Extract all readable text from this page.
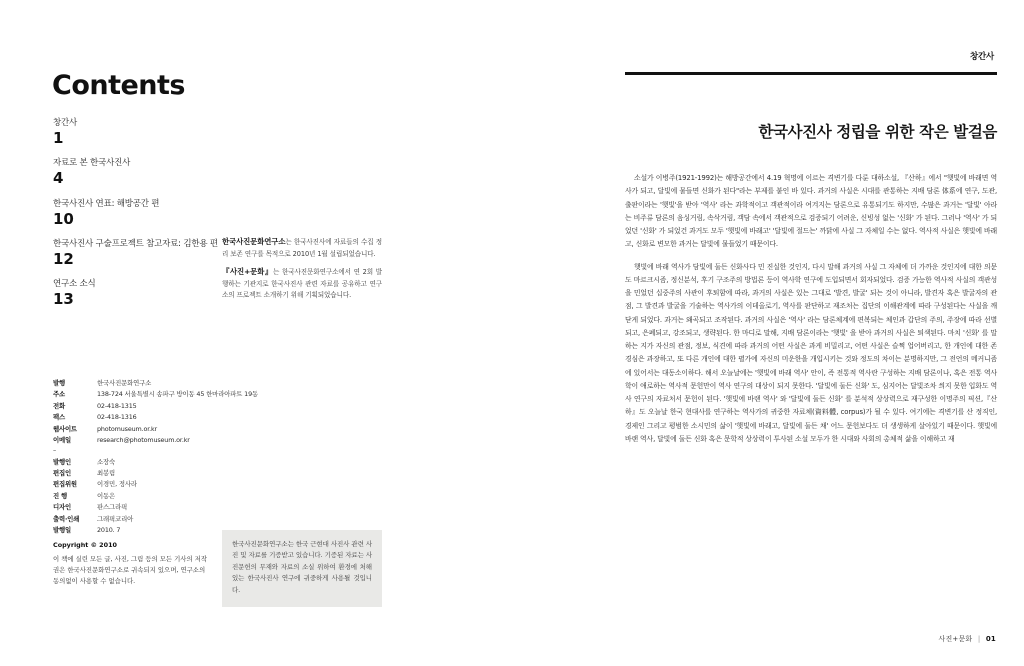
Contents
창간사
1
자료로 본 한국사진사
4
한국사진사 연표: 해방공간 편
10
한국사진사 구술프로젝트 참고자료: 김한용 편
12
연구소 소식
13

한국사진문화연구소는 한국사진사에 자료들의 수집 정리 보존 연구를 목적으로 2010년 1월 설립되었습니다.

『사진+문화』는 한국사진문화연구소에서 연 2회 발행하는 기관지로 한국사진사 관련 자료를 공유하고 연구소의 프로젝트 소개하기 위해 기획되었습니다.

발행	한국사진문화연구소
주소	138-724 서울특별시 송파구 방이동 45 한마라아파트 19동
전화	02-418-1315
팩스	02-418-1316
웹사이트	photomuseum.or.kr
이메일	research@photomuseum.or.kr
–
발행인	소장숙
편집인	최봉림
편집위원	이경민, 정사라
진 행	이동은
디자인	판스그라픽
출력·인쇄	그래픽코리아
발행일	2010. 7
Copyright © 2010
이 책에 실린 모든 글, 사진, 그림 등의 모든 기사의 저작권은 한국사진문화연구소로 귀속되지 있으며, 연구소의 동의없이 사용할 수 없습니다.
한국사진문화연구소는 한국 근현대 사진사 관련 사진 및 자료를 기증받고 있습니다. 기증된 자료는 사진문헌의 무재와 자료의 소실 위하여 환경에 처해있는 한국사진사 연구에 귀중하게 사용될 것입니다.
창간사
한국사진사 정립을 위한 작은 발걸음

소설가 이병주(1921-1992)는 해방공간에서 4.19 혁명에 이르는 격변기를 다룬 대하소설, 『산하』에서 "햇빛에 바래면 역사가 되고, 달빛에 물들면 신화가 된다"라는 부제를 붙인 바 있다. 과거의 사실은 시대를 관통하는 지배 담론 体系에 연구, 도관, 출판이라는 '햇빛'을 받아 '역사' 라는 과학적이고 객관적이라 여겨지는 담론으로 유통되기도 하지만, 수많은 과거는 '달빛' 아라는 비주류 담론의 음싱거림, 속삭거림, 객담 속에서 객관적으로 검증되기 어려운, 신빙성 없는 '신화' 가 된다. 그러나 '역사' 가 되었던 '신화' 가 되었건 과거도 모두 '햇빛에 바래고' '달빛에 절드는' 까닭에 사실 그 자체일 수는 없다. 역사적 사실은 햇빛에 바래고, 신화로 변모한 과거는 달빛에 물들었기 때문이다.

햇빛에 바래 역사가 담빛에 둘든 신화사다 민 진실한 것인지, 다시 말해 과거의 사실 그 자체에 더 가까운 것인지에 대한 의문도 마르크시즘, 정신분석, 후기 구조주의 방법론 등이 역사학 연구에 도입되면서 회자되었다. 검증 가능한 역사적 사실의 객관성을 민었던 십중주의 사관이 후퇴함에 따라, 과거의 사실은 있는 그대로 '발견, 발굴' 되는 것이 아니라, 발견자 혹은 발굴자의 관점, 그 발견과 발굴을 기술하는 역사가의 이데올로기, 역사를 판단하고 재조처는 집단의 이해관계에 따라 구성된다는 사실을 깨닫게 되었다. 과거는 왜곡되고 조작된다. 과거의 사실은 '역사' 라는 담론체계에 편복되는 체인과 갑단의 주의, 주장에 따라 선별되고, 은폐되고, 강조되고, 생략된다. 한 마디로 말해, 지배 담론이라는 '햇빛' 을 받아 과거의 사실은 퇴색된다. 마치 '신화' 를 말하는 지가 자신의 관점, 정보, 식견에 따라 과거의 어떤 사실은 과게 비밀리고, 어떤 사실은 슬쩍 업어버리고, 한 개인에 대한 존경심은 과장하고, 또 다른 개인에 대한 펼가에 자신의 미운한을 개입시키는 것와 정도의 차이는 분명하지만, 그 전언의 메커니즘에 있어서는 대동소이하다. 해서 오늘날에는 '햇빛에 바래 역사' 안이, 즉 전통적 역사란 구성하는 지배 담론이나, 혹은 전통 역사학이 애로하는 역사적 문헌만이 역사 연구의 대상이 되지 못한다. '달빛에 둘든 신화' 도, 심지어는 달빛조차 씌지 못한 입화도 역사 연구의 자료처서 문헌이 된다. '햇빛에 바랜 역사' 와 '달빛에 둘든 신화' 를 분석적 상상력으로 재구성한 이명주의 픽션,『산하』도 오늘날 한국 현대사를 연구하는 역사가의 귀중한 자료체(資料體, corpus)가 될 수 있다. 여기에는 격변기를 산 정직인, 경제인 그리고 평범한 소시민의 삶이 '햇빛에 바래고, 달빛에 둘든 채' 어느 문헌보다도 더 생생하게 살아있기 때문이다. 햇빛에 바랜 역사, 달빛에 둘든 신화 혹은 문학적 상상력이 투사된 소설 모두가 한 시대와 사회의 총체적 삶을 이해하고 재

사진+문화 | 01
